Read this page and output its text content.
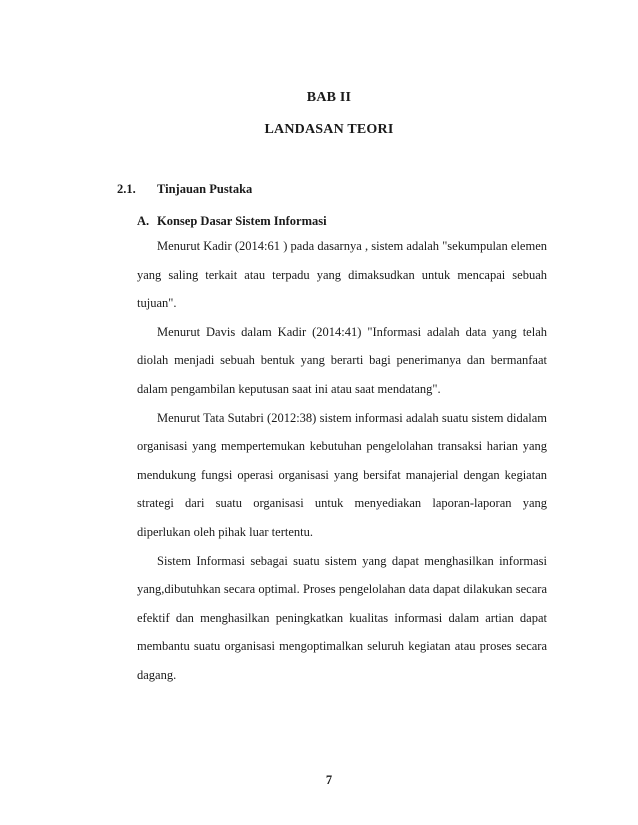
BAB II
LANDASAN TEORI
2.1. Tinjauan Pustaka
A. Konsep Dasar Sistem Informasi

Menurut Kadir (2014:61 ) pada dasarnya , sistem adalah "sekumpulan elemen yang saling terkait atau terpadu yang dimaksudkan untuk mencapai sebuah tujuan".

Menurut Davis dalam Kadir (2014:41) "Informasi adalah data yang telah diolah menjadi sebuah bentuk yang berarti bagi penerimanya dan bermanfaat dalam pengambilan keputusan saat ini atau saat mendatang".

Menurut Tata Sutabri (2012:38) sistem informasi adalah suatu sistem didalam organisasi yang mempertemukan kebutuhan pengelolahan transaksi harian yang mendukung fungsi operasi organisasi yang bersifat manajerial dengan kegiatan strategi dari suatu organisasi untuk menyediakan laporan-laporan yang diperlukan oleh pihak luar tertentu.

Sistem Informasi sebagai suatu sistem yang dapat menghasilkan informasi yang,dibutuhkan secara optimal. Proses pengelolahan data dapat dilakukan secara efektif dan menghasilkan peningkatkan kualitas informasi dalam artian dapat membantu suatu organisasi mengoptimalkan seluruh kegiatan atau proses secara dagang.

7
